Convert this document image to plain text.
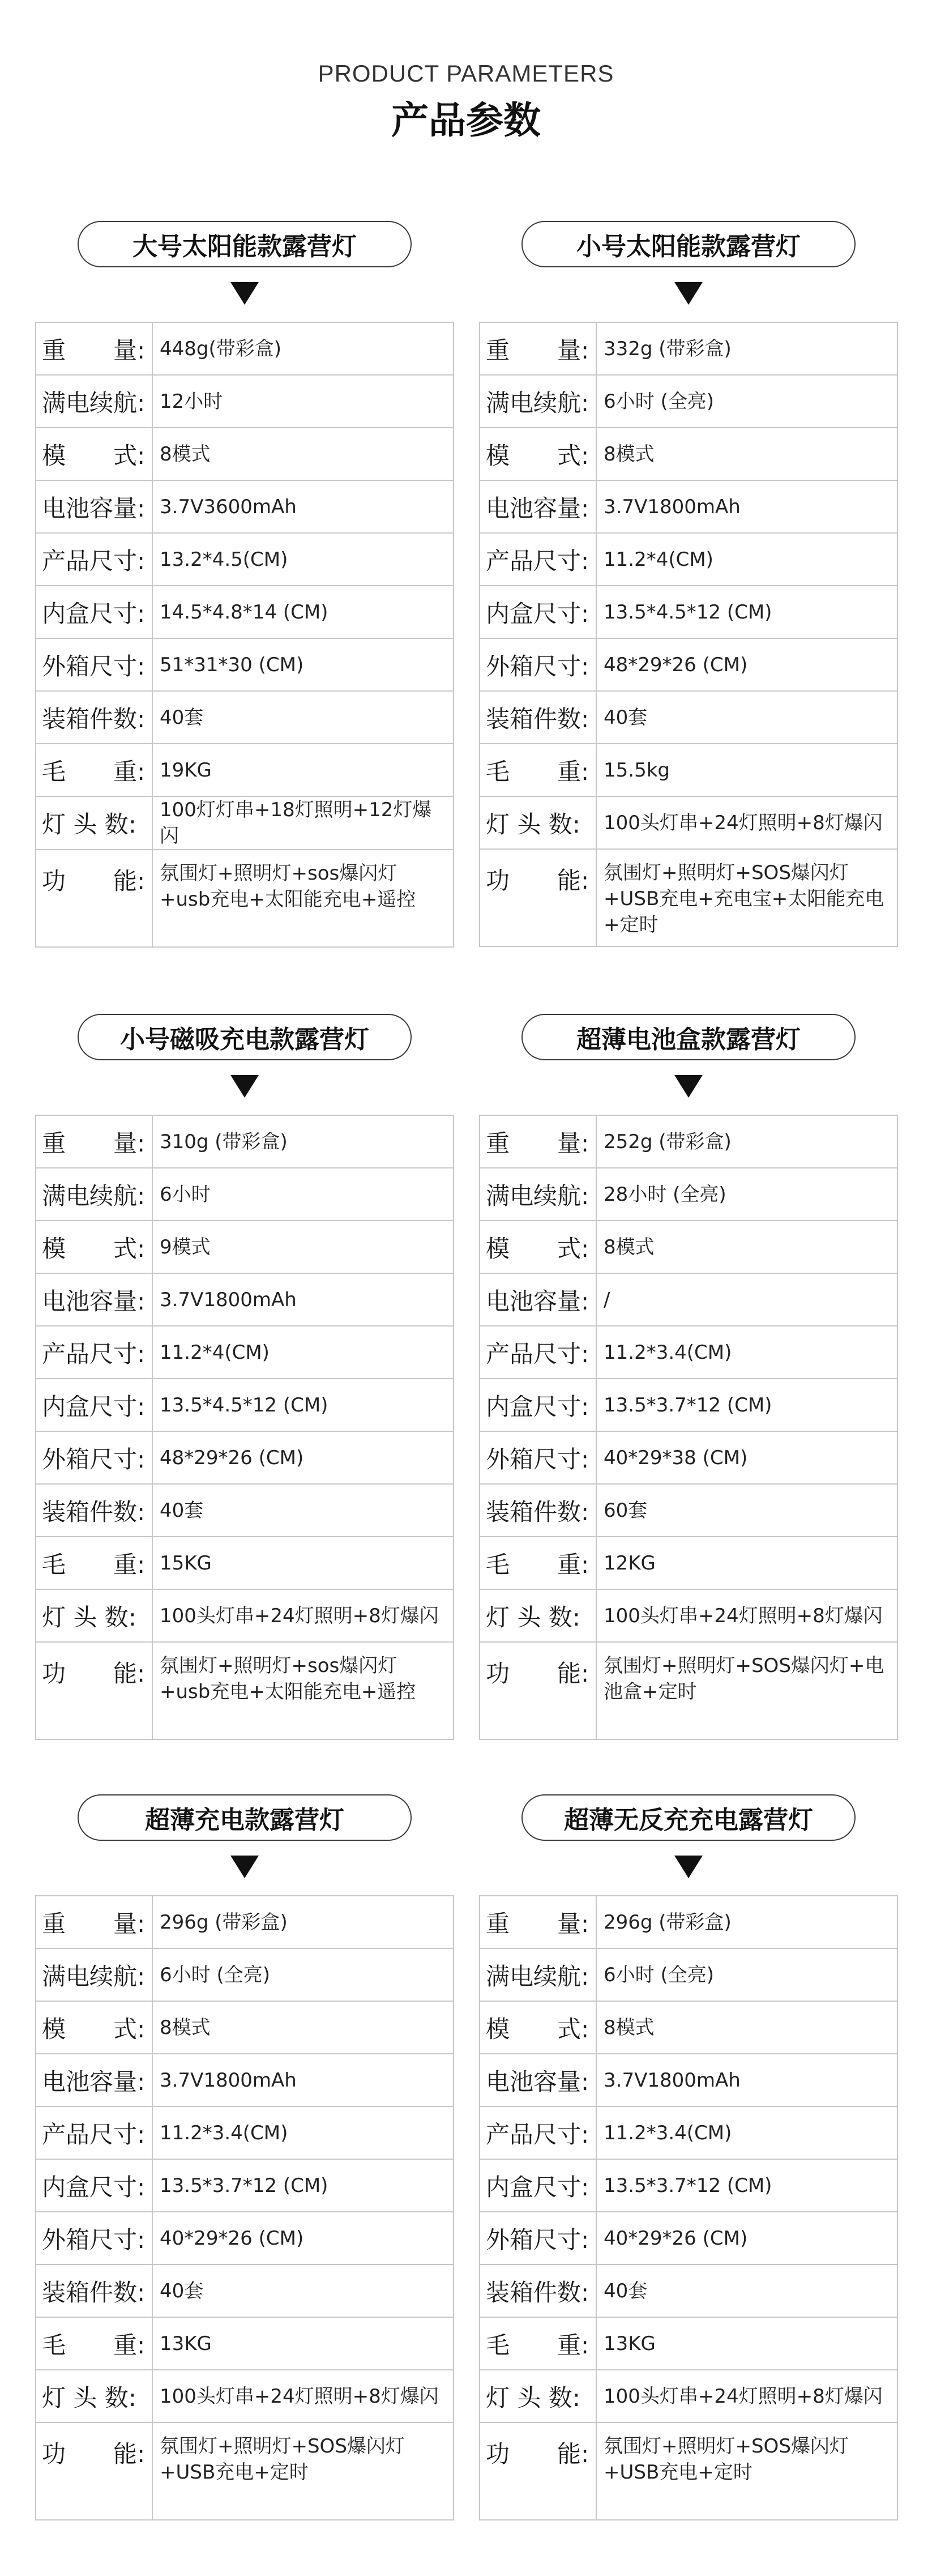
PRODUCT PARAMETERS
产品参数
大号太阳能款露营灯
重　　量:	448g(带彩盒)
满电续航:	12小时
模　　式:	8模式
电池容量:	3.7V3600mAh
产品尺寸:	13.2*4.5(CM)
内盒尺寸:	14.5*4.8*14 (CM)
外箱尺寸:	51*31*30 (CM)
装箱件数:	40套
毛　　重:	19KG
灯 头 数:	100灯灯串+18灯照明+12灯爆闪
功　　能:	氛围灯+照明灯+sos爆闪灯+usb充电+太阳能充电+遥控
小号太阳能款露营灯
重　　量:	332g (带彩盒)
满电续航:	6小时 (全亮)
模　　式:	8模式
电池容量:	3.7V1800mAh
产品尺寸:	11.2*4(CM)
内盒尺寸:	13.5*4.5*12 (CM)
外箱尺寸:	48*29*26 (CM)
装箱件数:	40套
毛　　重:	15.5kg
灯 头 数:	100头灯串+24灯照明+8灯爆闪
功　　能:	氛围灯+照明灯+SOS爆闪灯+USB充电+充电宝+太阳能充电+定时
小号磁吸充电款露营灯
重　　量:	310g (带彩盒)
满电续航:	6小时
模　　式:	9模式
电池容量:	3.7V1800mAh
产品尺寸:	11.2*4(CM)
内盒尺寸:	13.5*4.5*12 (CM)
外箱尺寸:	48*29*26 (CM)
装箱件数:	40套
毛　　重:	15KG
灯 头 数:	100头灯串+24灯照明+8灯爆闪
功　　能:	氛围灯+照明灯+sos爆闪灯+usb充电+太阳能充电+遥控
超薄电池盒款露营灯
重　　量:	252g (带彩盒)
满电续航:	28小时 (全亮)
模　　式:	8模式
电池容量:	/
产品尺寸:	11.2*3.4(CM)
内盒尺寸:	13.5*3.7*12 (CM)
外箱尺寸:	40*29*38 (CM)
装箱件数:	60套
毛　　重:	12KG
灯 头 数:	100头灯串+24灯照明+8灯爆闪
功　　能:	氛围灯+照明灯+SOS爆闪灯+电池盒+定时
超薄充电款露营灯
重　　量:	296g (带彩盒)
满电续航:	6小时 (全亮)
模　　式:	8模式
电池容量:	3.7V1800mAh
产品尺寸:	11.2*3.4(CM)
内盒尺寸:	13.5*3.7*12 (CM)
外箱尺寸:	40*29*26 (CM)
装箱件数:	40套
毛　　重:	13KG
灯 头 数:	100头灯串+24灯照明+8灯爆闪
功　　能:	氛围灯+照明灯+SOS爆闪灯+USB充电+定时
超薄无反充充电露营灯
重　　量:	296g (带彩盒)
满电续航:	6小时 (全亮)
模　　式:	8模式
电池容量:	3.7V1800mAh
产品尺寸:	11.2*3.4(CM)
内盒尺寸:	13.5*3.7*12 (CM)
外箱尺寸:	40*29*26 (CM)
装箱件数:	40套
毛　　重:	13KG
灯 头 数:	100头灯串+24灯照明+8灯爆闪
功　　能:	氛围灯+照明灯+SOS爆闪灯+USB充电+定时
